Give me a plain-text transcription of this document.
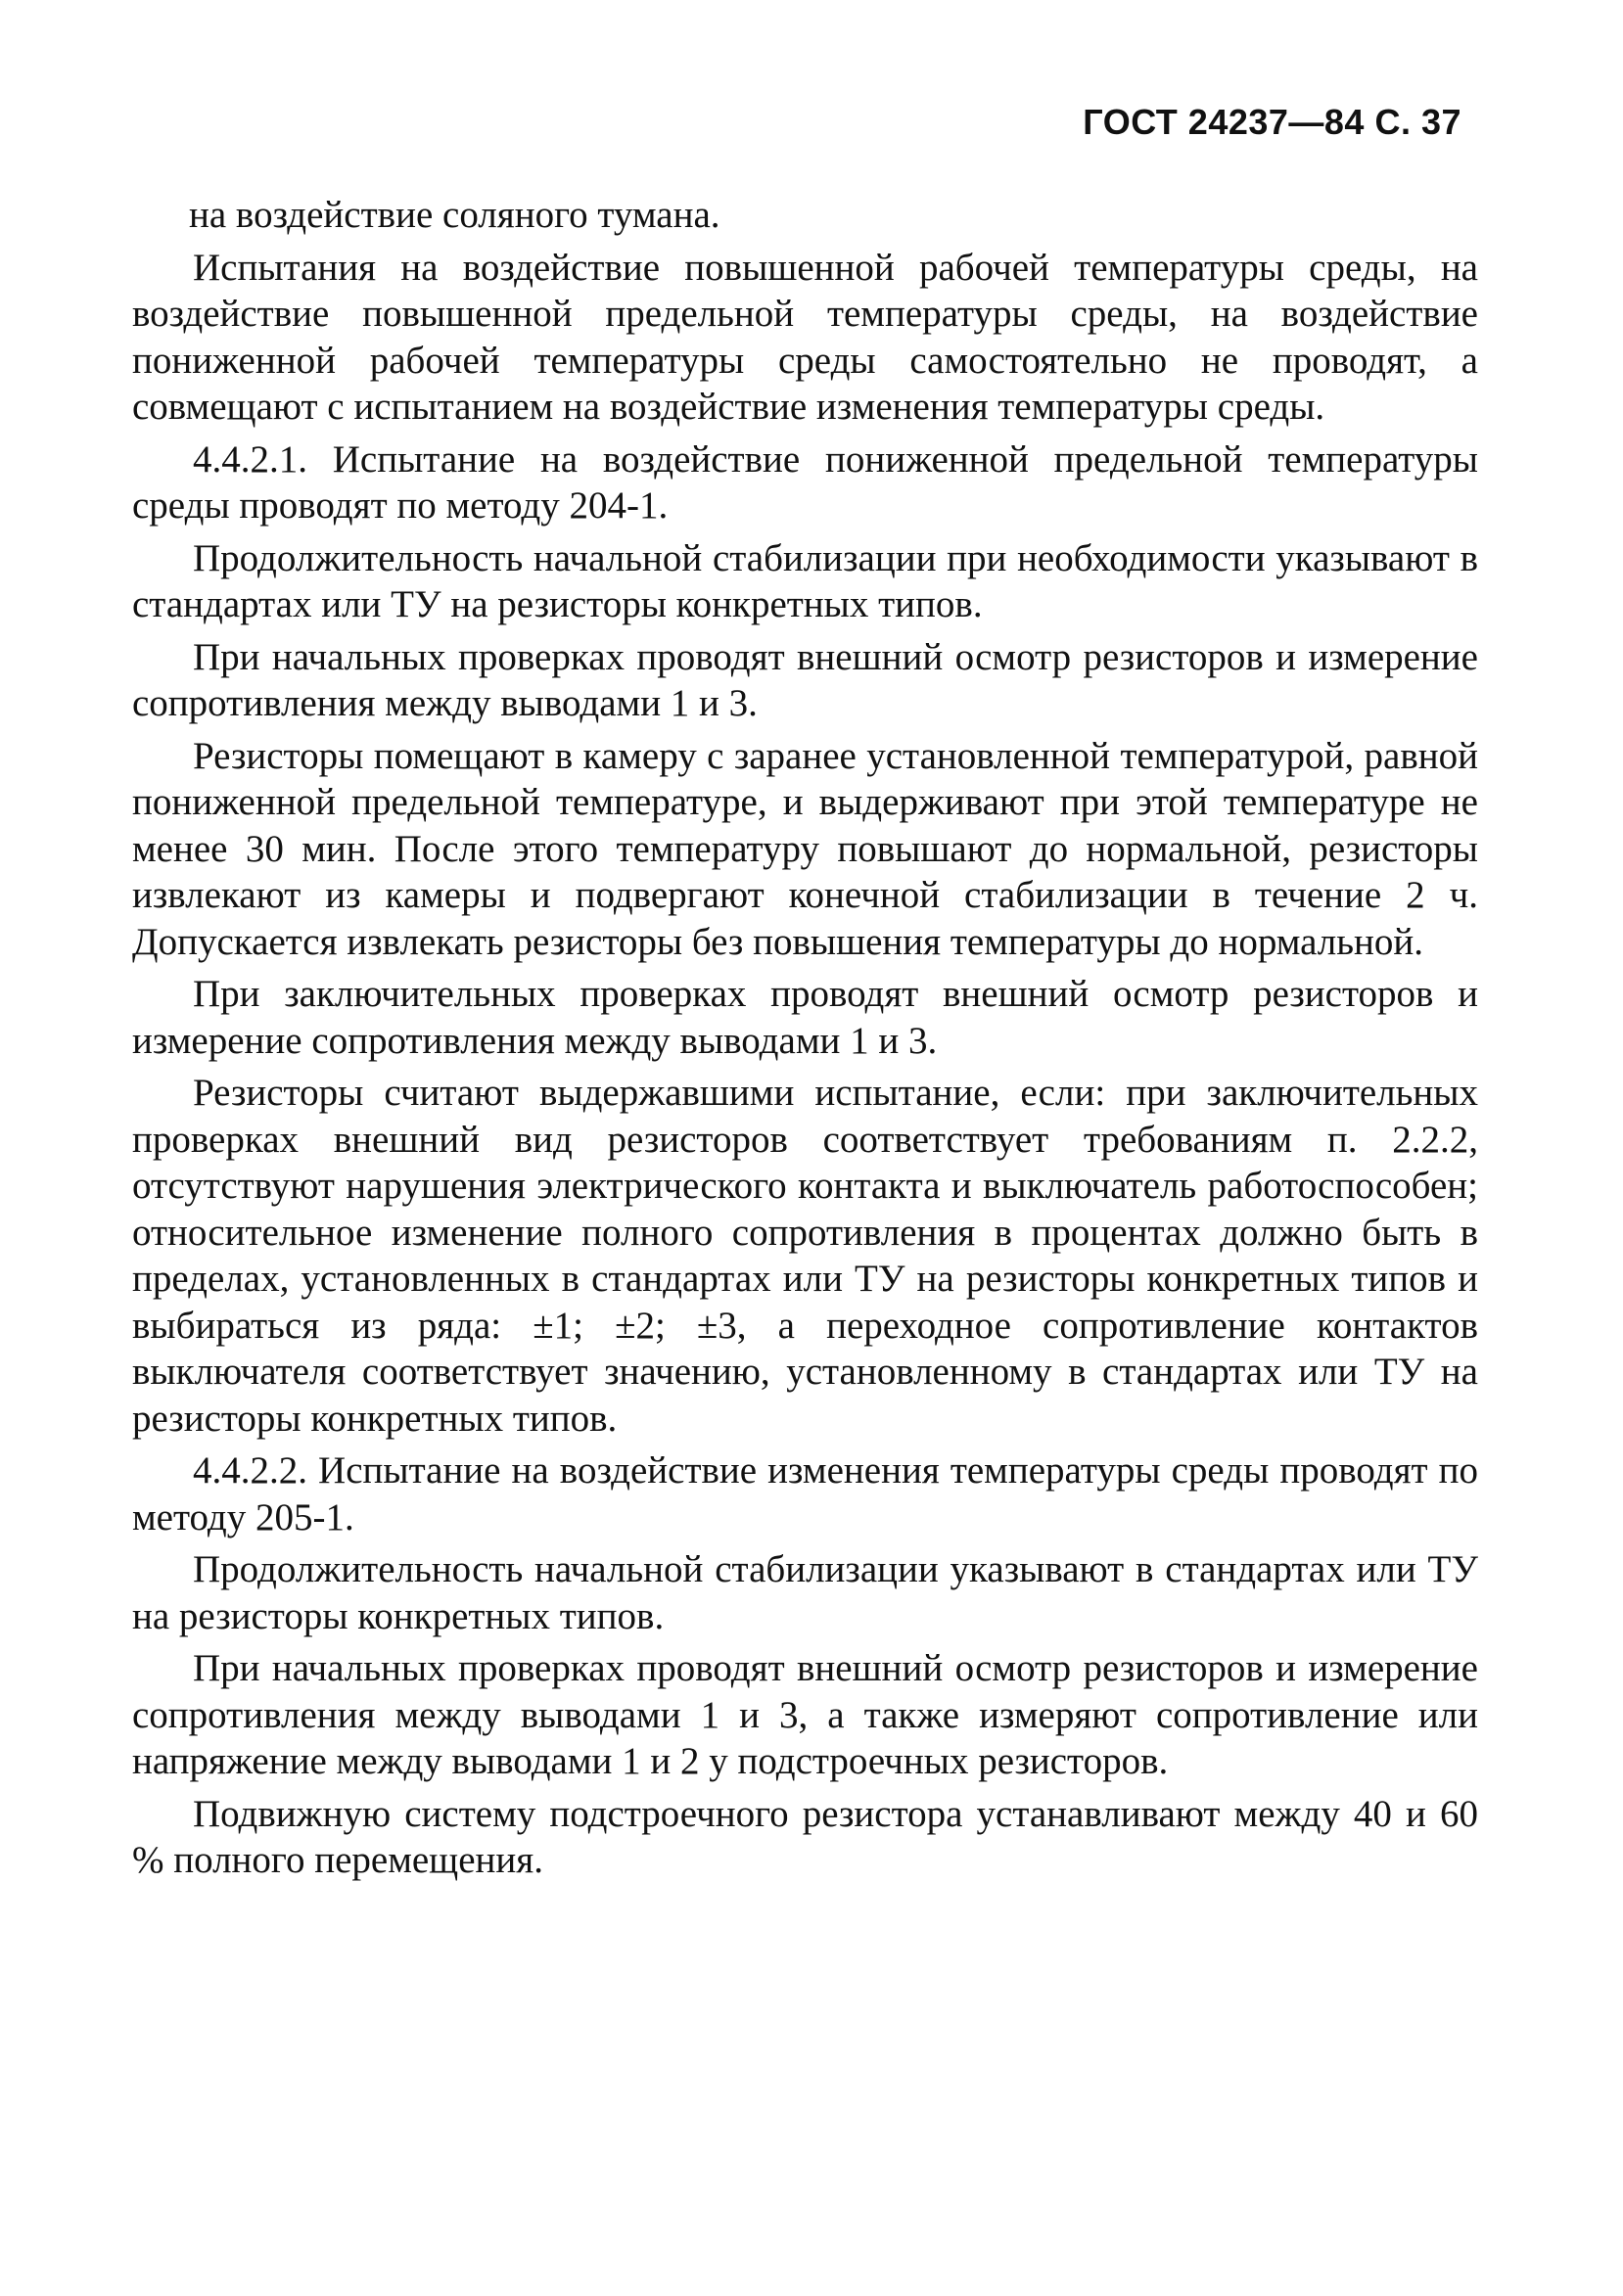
ГОСТ 24237—84 С. 37

на воздействие соляного тумана.

Испытания на воздействие повышенной рабочей температуры среды, на воздействие повышенной предельной температуры среды, на воздействие пониженной рабочей температуры среды самостоятельно не проводят, а совмещают с испытанием на воздействие изменения температуры среды.

4.4.2.1. Испытание на воздействие пониженной предельной температуры среды проводят по методу 204-1.

Продолжительность начальной стабилизации при необходимости указывают в стандартах или ТУ на резисторы конкретных типов.

При начальных проверках проводят внешний осмотр резисторов и измерение сопротивления между выводами 1 и 3.

Резисторы помещают в камеру с заранее установленной температурой, равной пониженной предельной температуре, и выдерживают при этой температуре не менее 30 мин. После этого температуру повышают до нормальной, резисторы извлекают из камеры и подвергают конечной стабилизации в течение 2 ч. Допускается извлекать резисторы без повышения температуры до нормальной.

При заключительных проверках проводят внешний осмотр резисторов и измерение сопротивления между выводами 1 и 3.

Резисторы считают выдержавшими испытание, если: при заключительных проверках внешний вид резисторов соответствует требованиям п. 2.2.2, отсутствуют нарушения электрического контакта и выключатель работоспособен; относительное изменение полного сопротивления в процентах должно быть в пределах, установленных в стандартах или ТУ на резисторы конкретных типов и выбираться из ряда: ±1; ±2; ±3, а переходное сопротивление контактов выключателя соответствует значению, установленному в стандартах или ТУ на резисторы конкретных типов.

4.4.2.2. Испытание на воздействие изменения температуры среды проводят по методу 205-1.

Продолжительность начальной стабилизации указывают в стандартах или ТУ на резисторы конкретных типов.

При начальных проверках проводят внешний осмотр резисторов и измерение сопротивления между выводами 1 и 3, а также измеряют сопротивление или напряжение между выводами 1 и 2 у подстроечных резисторов.

Подвижную систему подстроечного резистора устанавливают между 40 и 60 % полного перемещения.
